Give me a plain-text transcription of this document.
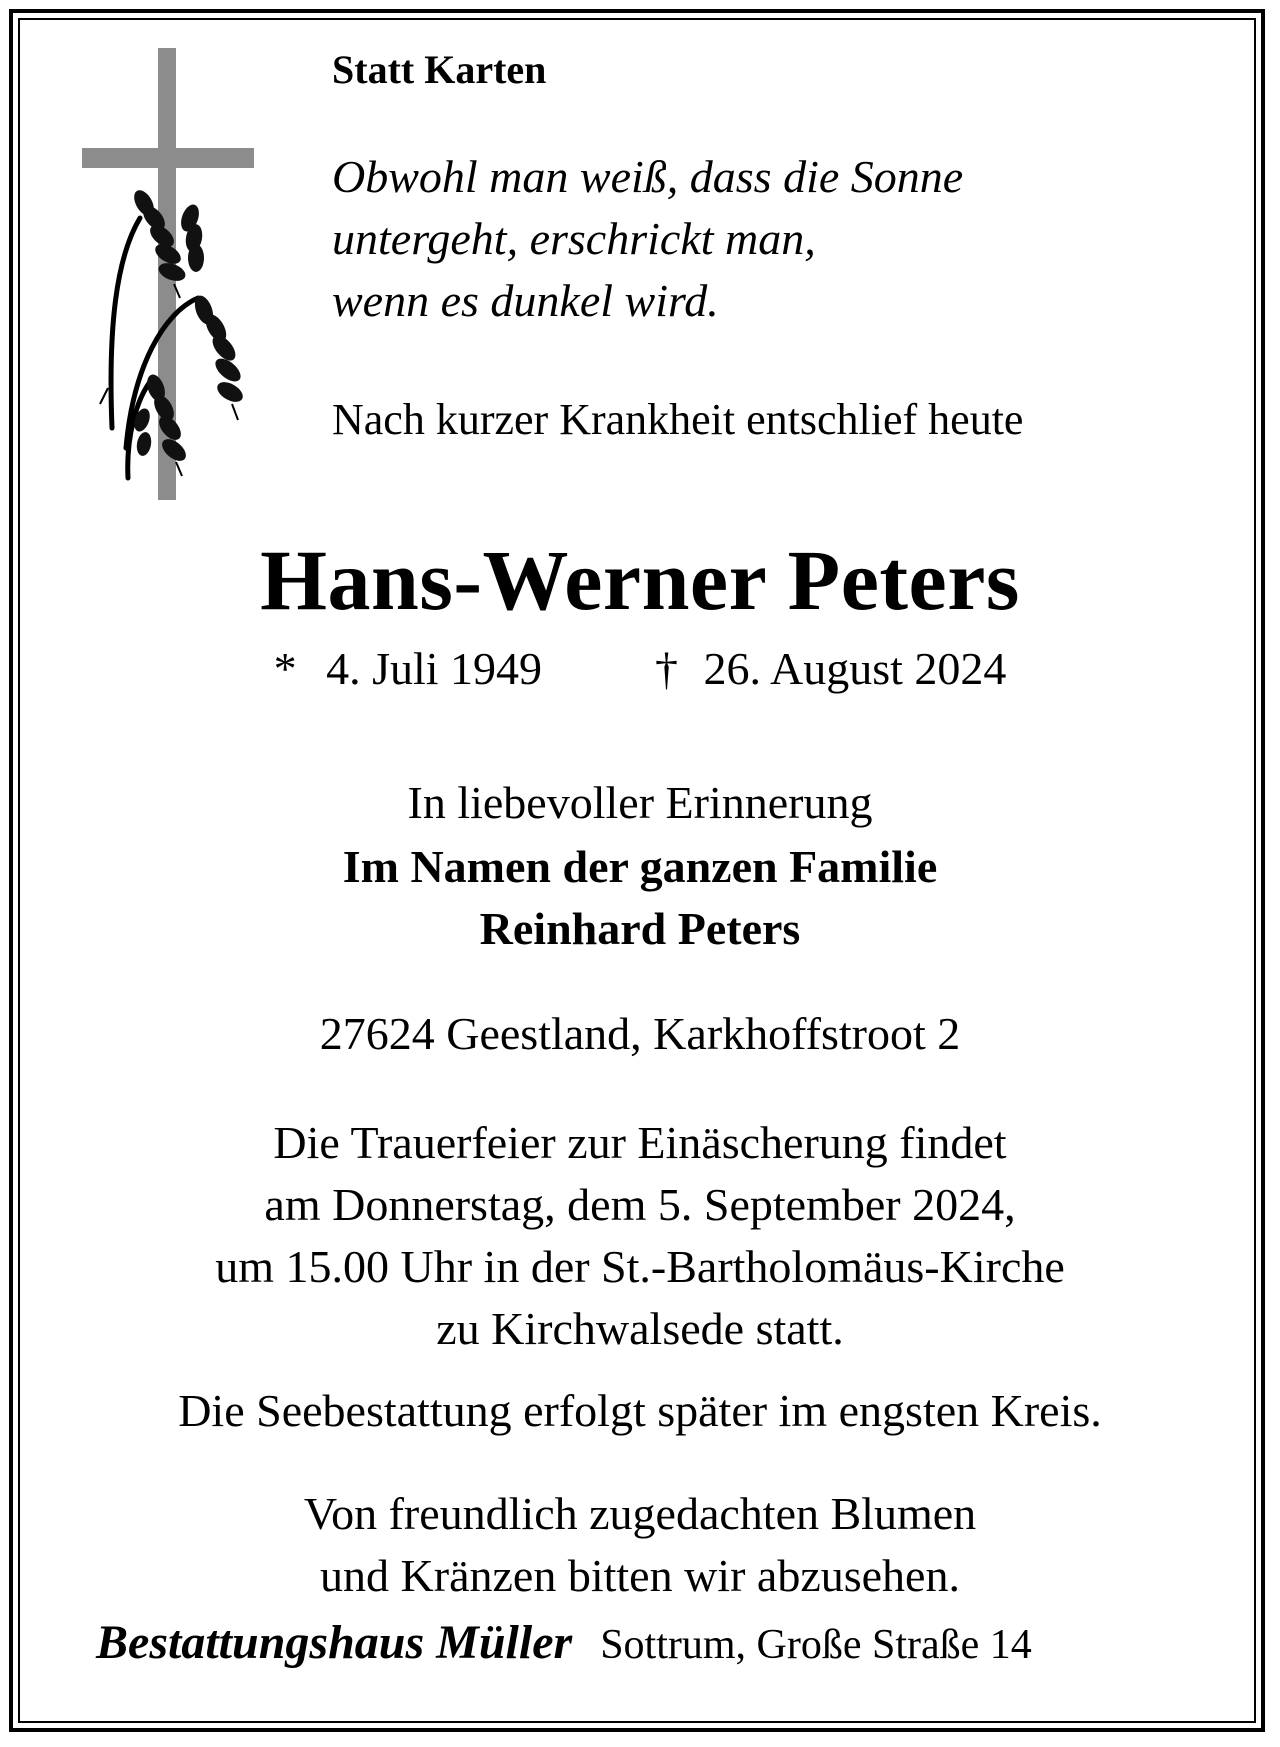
Statt Karten
Obwohl man weiß, dass die Sonne
untergeht, erschrickt man,
wenn es dunkel wird.
Nach kurzer Krankheit entschlief heute
Hans-Werner Peters
* 4. Juli 1949 † 26. August 2024
In liebevoller Erinnerung
Im Namen der ganzen Familie
Reinhard Peters
27624 Geestland, Karkhoffstroot 2
Die Trauerfeier zur Einäscherung findet
am Donnerstag, dem 5. September 2024,
um 15.00 Uhr in der St.-Bartholomäus-Kirche
zu Kirchwalsede statt.
Die Seebestattung erfolgt später im engsten Kreis.
Von freundlich zugedachten Blumen
und Kränzen bitten wir abzusehen.
Bestattungshaus Müller Sottrum, Große Straße 14
